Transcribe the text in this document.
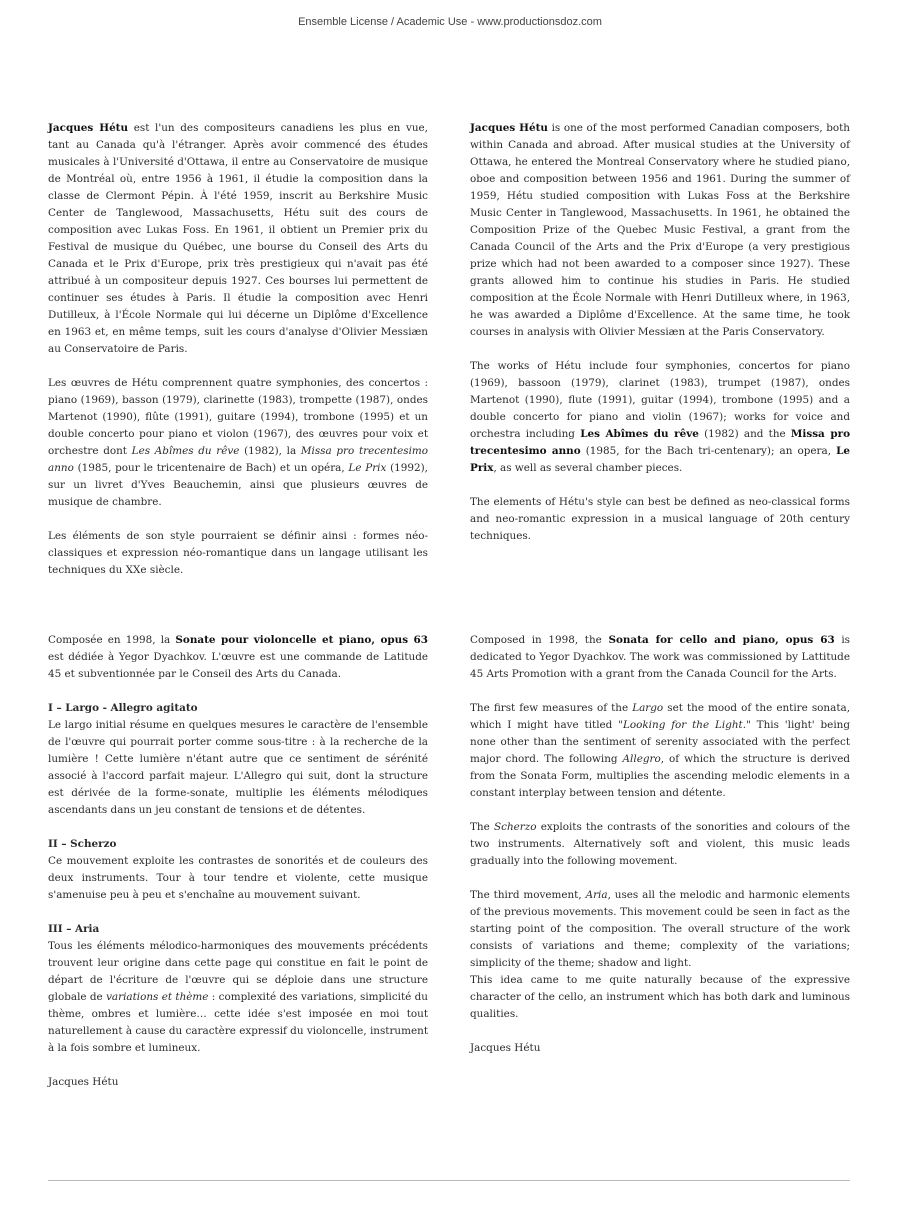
Ensemble License / Academic Use - www.productionsdoz.com

Jacques Hétu est l'un des compositeurs canadiens les plus en vue, tant au Canada qu'à l'étranger. Après avoir commencé des études musicales à l'Université d'Ottawa, il entre au Conservatoire de musique de Montréal où, entre 1956 à 1961, il étudie la composition dans la classe de Clermont Pépin. À l'été 1959, inscrit au Berkshire Music Center de Tanglewood, Massachusetts, Hétu suit des cours de composition avec Lukas Foss. En 1961, il obtient un Premier prix du Festival de musique du Québec, une bourse du Conseil des Arts du Canada et le Prix d'Europe, prix très prestigieux qui n'avait pas été attribué à un compositeur depuis 1927. Ces bourses lui permettent de continuer ses études à Paris. Il étudie la composition avec Henri Dutilleux, à l'École Normale qui lui décerne un Diplôme d'Excellence en 1963 et, en même temps, suit les cours d'analyse d'Olivier Messiæn au Conservatoire de Paris.

Les œuvres de Hétu comprennent quatre symphonies, des concertos : piano (1969), basson (1979), clarinette (1983), trompette (1987), ondes Martenot (1990), flûte (1991), guitare (1994), trombone (1995) et un double concerto pour piano et violon (1967), des œuvres pour voix et orchestre dont Les Abîmes du rêve (1982), la Missa pro trecentesimo anno (1985, pour le tricentenaire de Bach) et un opéra, Le Prix (1992), sur un livret d'Yves Beauchemin, ainsi que plusieurs œuvres de musique de chambre.

Les éléments de son style pourraient se définir ainsi : formes néo-classiques et expression néo-romantique dans un langage utilisant les techniques du XXe siècle.

Jacques Hétu is one of the most performed Canadian composers, both within Canada and abroad. After musical studies at the University of Ottawa, he entered the Montreal Conservatory where he studied piano, oboe and composition between 1956 and 1961. During the summer of 1959, Hétu studied composition with Lukas Foss at the Berkshire Music Center in Tanglewood, Massachusetts. In 1961, he obtained the Composition Prize of the Quebec Music Festival, a grant from the Canada Council of the Arts and the Prix d'Europe (a very prestigious prize which had not been awarded to a composer since 1927). These grants allowed him to continue his studies in Paris. He studied composition at the École Normale with Henri Dutilleux where, in 1963, he was awarded a Diplôme d'Excellence. At the same time, he took courses in analysis with Olivier Messiæn at the Paris Conservatory.

The works of Hétu include four symphonies, concertos for piano (1969), bassoon (1979), clarinet (1983), trumpet (1987), ondes Martenot (1990), flute (1991), guitar (1994), trombone (1995) and a double concerto for piano and violin (1967); works for voice and orchestra including Les Abîmes du rêve (1982) and the Missa pro trecentesimo anno (1985, for the Bach tri-centenary); an opera, Le Prix, as well as several chamber pieces.

The elements of Hétu's style can best be defined as neo-classical forms and neo-romantic expression in a musical language of 20th century techniques.

Composée en 1998, la Sonate pour violoncelle et piano, opus 63 est dédiée à Yegor Dyachkov. L'œuvre est une commande de Latitude 45 et subventionnée par le Conseil des Arts du Canada.

I – Largo - Allegro agitato

Le largo initial résume en quelques mesures le caractère de l'ensemble de l'œuvre qui pourrait porter comme sous-titre : à la recherche de la lumière ! Cette lumière n'étant autre que ce sentiment de sérénité associé à l'accord parfait majeur. L'Allegro qui suit, dont la structure est dérivée de la forme-sonate, multiplie les éléments mélodiques ascendants dans un jeu constant de tensions et de détentes.

II – Scherzo

Ce mouvement exploite les contrastes de sonorités et de couleurs des deux instruments. Tour à tour tendre et violente, cette musique s'amenuise peu à peu et s'enchaîne au mouvement suivant.

III – Aria

Tous les éléments mélodico-harmoniques des mouvements précédents trouvent leur origine dans cette page qui constitue en fait le point de départ de l'écriture de l'œuvre qui se déploie dans une structure globale de variations et thème : complexité des variations, simplicité du thème, ombres et lumière… cette idée s'est imposée en moi tout naturellement à cause du caractère expressif du violoncelle, instrument à la fois sombre et lumineux.

Jacques Hétu

Composed in 1998, the Sonata for cello and piano, opus 63 is dedicated to Yegor Dyachkov. The work was commissioned by Lattitude 45 Arts Promotion with a grant from the Canada Council for the Arts.

The first few measures of the Largo set the mood of the entire sonata, which I might have titled "Looking for the Light." This 'light' being none other than the sentiment of serenity associated with the perfect major chord. The following Allegro, of which the structure is derived from the Sonata Form, multiplies the ascending melodic elements in a constant interplay between tension and détente.

The Scherzo exploits the contrasts of the sonorities and colours of the two instruments. Alternatively soft and violent, this music leads gradually into the following movement.

The third movement, Aria, uses all the melodic and harmonic elements of the previous movements. This movement could be seen in fact as the starting point of the composition. The overall structure of the work consists of variations and theme; complexity of the variations; simplicity of the theme; shadow and light.

This idea came to me quite naturally because of the expressive character of the cello, an instrument which has both dark and luminous qualities.

Jacques Hétu
